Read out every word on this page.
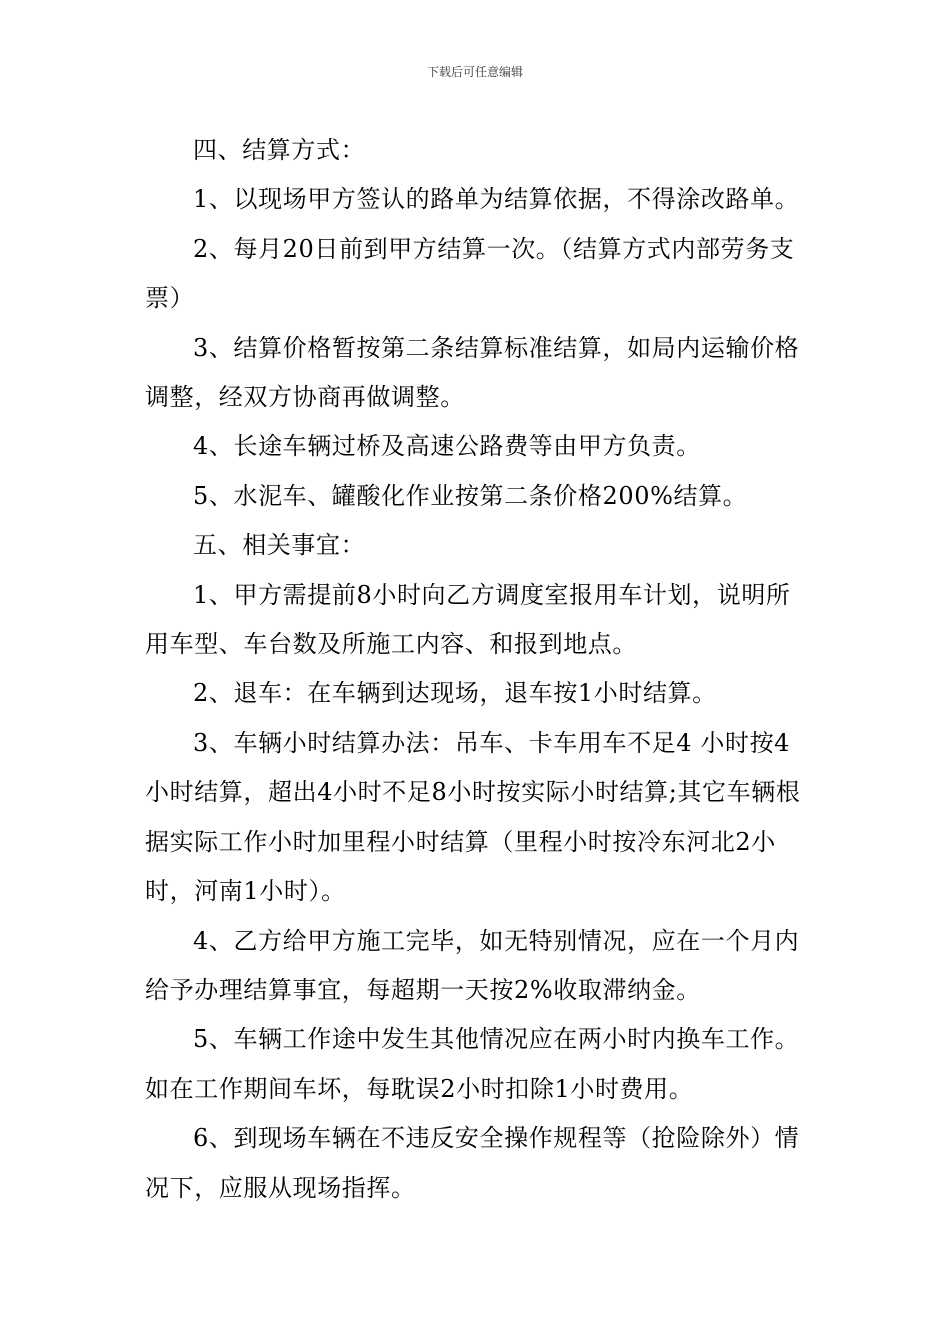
下载后可任意编辑

四、结算方式：

1、以现场甲方签认的路单为结算依据，不得涂改路单。

2、每月20日前到甲方结算一次。（结算方式内部劳务支票）

3、结算价格暂按第二条结算标准结算，如局内运输价格调整，经双方协商再做调整。

4、长途车辆过桥及高速公路费等由甲方负责。

5、水泥车、罐酸化作业按第二条价格200%结算。

五、相关事宜：

1、甲方需提前8小时向乙方调度室报用车计划，说明所用车型、车台数及所施工内容、和报到地点。

2、退车：在车辆到达现场，退车按1小时结算。

3、车辆小时结算办法：吊车、卡车用车不足4 小时按4小时结算，超出4小时不足8小时按实际小时结算;其它车辆根据实际工作小时加里程小时结算（里程小时按冷东河北2小时，河南1小时）。

4、乙方给甲方施工完毕，如无特别情况，应在一个月内给予办理结算事宜，每超期一天按2%收取滞纳金。

5、车辆工作途中发生其他情况应在两小时内换车工作。如在工作期间车坏，每耽误2小时扣除1小时费用。

6、到现场车辆在不违反安全操作规程等（抢险除外）情况下，应服从现场指挥。
